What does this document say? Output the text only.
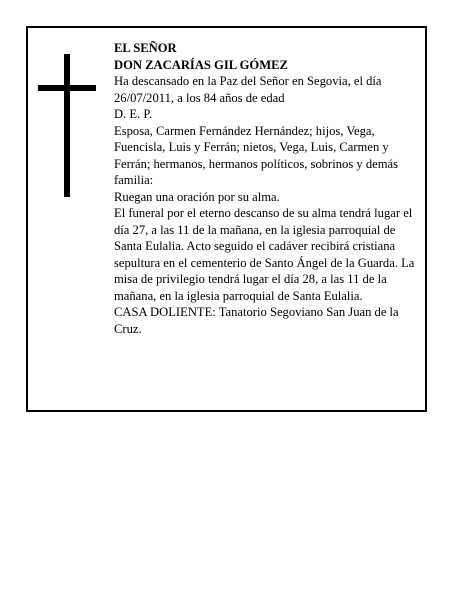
EL SEÑOR
DON ZACARÍAS GIL GÓMEZ
Ha descansado en la Paz del Señor en Segovia, el día 26/07/2011, a los 84 años de edad
D. E. P.
Esposa, Carmen Fernández Hernández; hijos, Vega, Fuencisla, Luis y Ferrán; nietos, Vega, Luis, Carmen y Ferrán; hermanos, hermanos políticos, sobrinos y demás familia:
Ruegan una oración por su alma.
El funeral por el eterno descanso de su alma tendrá lugar el día 27, a las 11 de la mañana, en la iglesia parroquial de Santa Eulalia. Acto seguido el cadáver recibirá cristiana sepultura en el cementerio de Santo Ángel de la Guarda. La misa de privilegio tendrá lugar el día 28, a las 11 de la mañana, en la iglesia parroquial de Santa Eulalia.
CASA DOLIENTE: Tanatorio Segoviano San Juan de la Cruz.
